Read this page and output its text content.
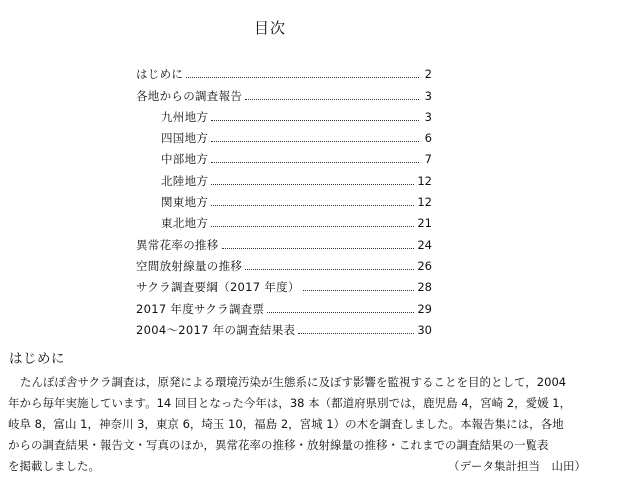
目次
はじめに	2
各地からの調査報告	3
九州地方	3
四国地方	6
中部地方	7
北陸地方	12
関東地方	12
東北地方	21
異常花率の推移	24
空間放射線量の推移	26
サクラ調査要綱（2017 年度）	28
2017 年度サクラ調査票	29
2004～2017 年の調査結果表	30
はじめに
たんぽぽ舎サクラ調査は，原発による環境汚染が生態系に及ぼす影響を監視することを目的として，2004
年から毎年実施しています。14 回目となった今年は，38 本（都道府県別では，鹿児島 4，宮崎 2，愛媛 1，
岐阜 8，富山 1，神奈川 3，東京 6，埼玉 10，福島 2，宮城 1）の木を調査しました。本報告集には，各地
からの調査結果・報告文・写真のほか，異常花率の推移・放射線量の推移・これまでの調査結果の一覧表
を掲載しました。	（データ集計担当　山田）
